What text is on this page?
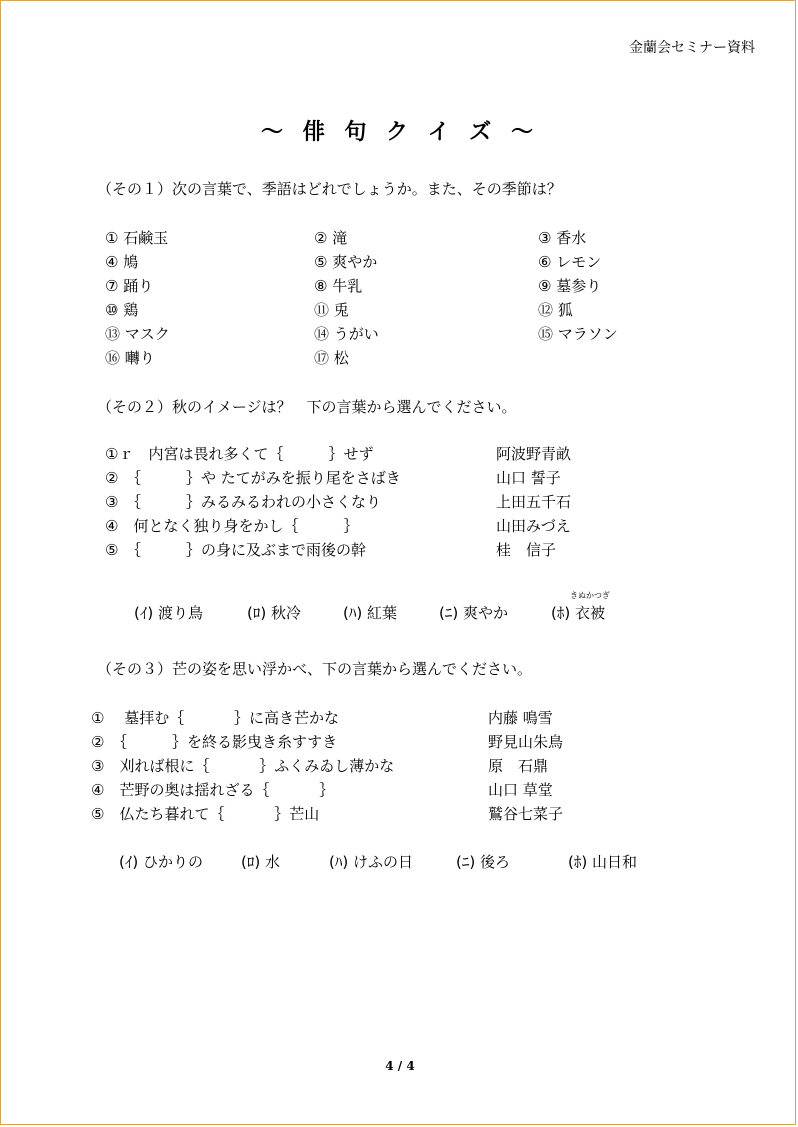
金蘭会セミナー資料
～ 俳 句 ク イ ズ ～
（その１）次の言葉で、季語はどれでしょうか。また、その季節は？
① 石鹸玉	② 滝	③ 香水
④ 鳩	⑤ 爽やか	⑥ レモン
⑦ 踊り	⑧ 牛乳	⑨ 墓参り
⑩ 鶏	⑪ 兎	⑫ 狐
⑬ マスク	⑭ うがい	⑮ マラソン
⑯ 囀り	⑰ 松
（その２）秋のイメージは？　下の言葉から選んでください。
①ｒ　内宮は畏れ多くて｛　　　｝せず	阿波野青畝
②　｛　　　｝や たてがみを振り尾をさばき	山口 誓子
③　｛　　　｝みるみるわれの小さくなり	上田五千石
④　何となく独り身をかし｛　　　｝	山田みづえ
⑤　｛　　　｝の身に及ぶまで雨後の幹	桂　信子
(ｲ) 渡り鳥	(ﾛ) 秋冷	(ﾊ) 紅葉	(ﾆ) 爽やか	(ﾎ)
きぬかつぎ
衣被
（その３）芒の姿を思い浮かべ、下の言葉から選んでください。
①　 墓拝む｛　　　 ｝に高き芒かな	内藤 鳴雪
②　｛　　　｝を終る影曳き糸すすき	野見山朱鳥
③　刈れば根に｛　　　 ｝ふくみゐし薄かな	原　石鼎
④　芒野の奥は揺れざる｛　　　 ｝	山口 草堂
⑤　仏たち暮れて｛　　　 ｝芒山	鷲谷七菜子
(ｲ) ひかりの	(ﾛ) 水	(ﾊ) けふの日	(ﾆ) 後ろ	(ﾎ) 山日和
4 / 4
